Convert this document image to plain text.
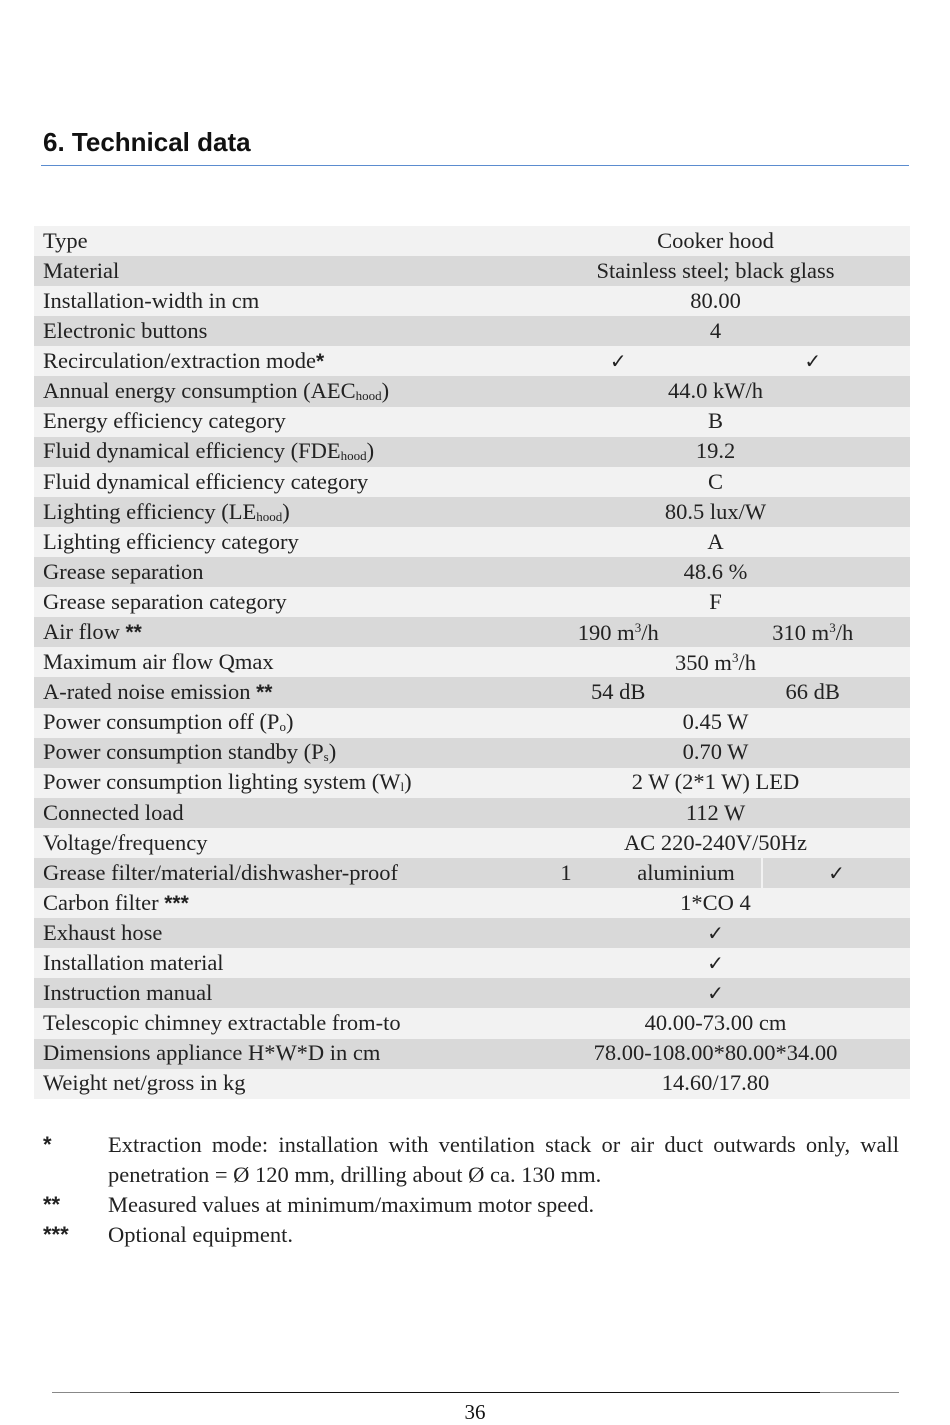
6. Technical data
Type	Cooker hood
Material	Stainless steel; black glass
Installation-width in cm	80.00
Electronic buttons	4
Recirculation/extraction mode*	✓ ✓

Annual energy consumption (AEChood)	44.0 kW/h
Energy efficiency category	B
Fluid dynamical efficiency (FDEhood)	19.2
Fluid dynamical efficiency category	C
Lighting efficiency (LEhood)	80.5 lux/W
Lighting efficiency category	A
Grease separation	48.6 %
Grease separation category	F
Air flow **	190 m3/h 310 m3/h

Maximum air flow Qmax	350 $m^3/h$
A-rated noise emission **	54 dB 66 dB

Power consumption off (Po)	0.45 W
Power consumption standby (Ps)	0.70 W
Power consumption lighting system (Wl)	2 W (2*1 W) LED
Connected load	112 W
Voltage/frequency	AC 220-240V/50Hz
Grease filter/material/dishwasher-proof	1 aluminium ✓

Carbon filter ***	1*CO 4
Exhaust hose	✓
Installation material	✓
Instruction manual	✓
Telescopic chimney extractable from-to	40.00-73.00 cm
Dimensions appliance H*W*D in cm	78.00-108.00*80.00*34.00
Weight net/gross in kg	14.60/17.80
*	Extraction mode: installation with ventilation stack or air duct outwards only, wall penetration = Ø 120 mm, drilling about Ø ca. 130 mm.
**	Measured values at minimum/maximum motor speed.
***	Optional equipment.
36
